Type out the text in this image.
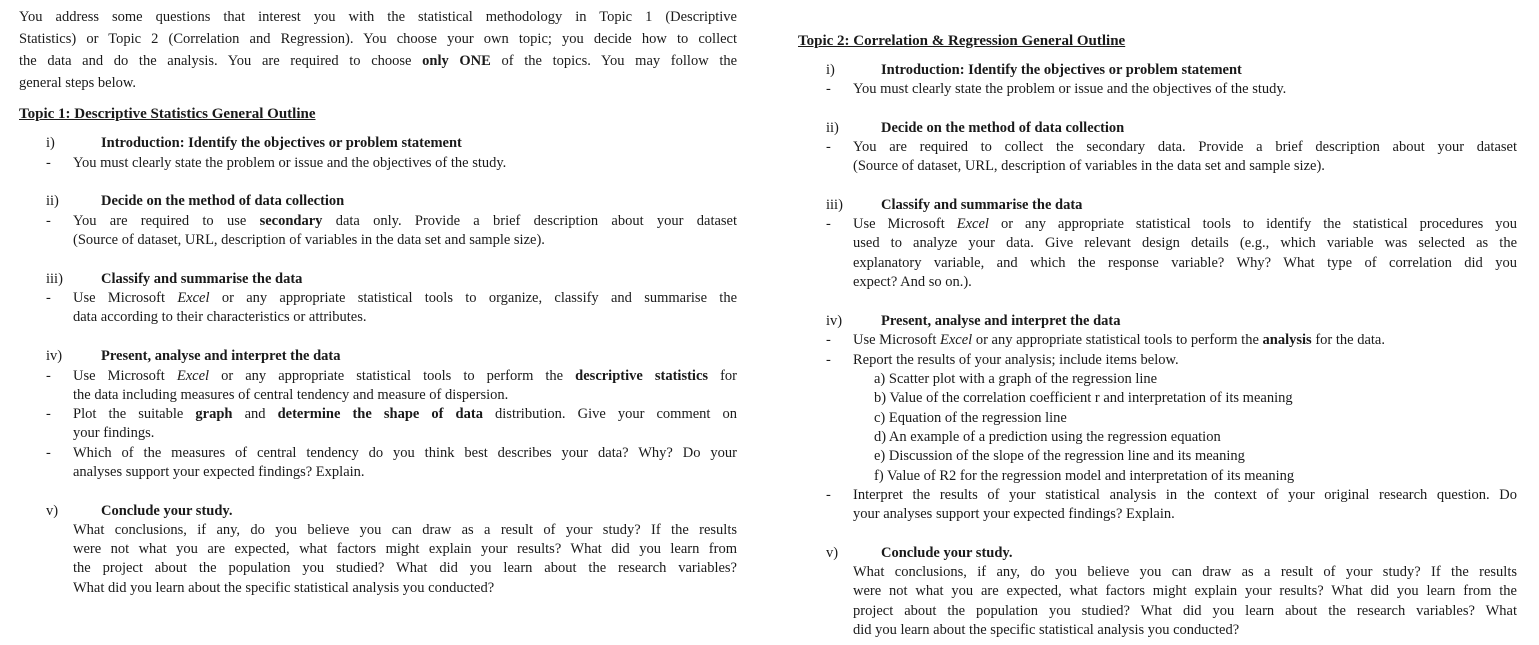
You address some questions that interest you with the statistical methodology in Topic 1 (Descriptive

Statistics) or Topic 2 (Correlation and Regression). You choose your own topic; you decide how to collect

the data and do the analysis. You are required to choose only ONE of the topics. You may follow the

general steps below.

Topic 1: Descriptive Statistics General Outline

i)	Introduction: Identify the objectives or problem statement
- You must clearly state the problem or issue and the objectives of the study.

ii)	Decide on the method of data collection
- You are required to use secondary data only. Provide a brief description about your dataset

(Source of dataset, URL, description of variables in the data set and sample size).

iii)	Classify and summarise the data
- Use Microsoft Excel or any appropriate statistical tools to organize, classify and summarise the

data according to their characteristics or attributes.

iv)	Present, analyse and interpret the data
- Use Microsoft Excel or any appropriate statistical tools to perform the descriptive statistics for

the data including measures of central tendency and measure of dispersion.

- Plot the suitable graph and determine the shape of data distribution. Give your comment on

your findings.

- Which of the measures of central tendency do you think best describes your data? Why? Do your

analyses support your expected findings? Explain.

v)	Conclude your study.

What conclusions, if any, do you believe you can draw as a result of your study? If the results

were not what you are expected, what factors might explain your results? What did you learn from

the project about the population you studied? What did you learn about the research variables?

What did you learn about the specific statistical analysis you conducted?

Topic 2: Correlation & Regression General Outline

i)	Introduction: Identify the objectives or problem statement
- You must clearly state the problem or issue and the objectives of the study.

ii)	Decide on the method of data collection
- You are required to collect the secondary data. Provide a brief description about your dataset

(Source of dataset, URL, description of variables in the data set and sample size).

iii)	Classify and summarise the data
- Use Microsoft Excel or any appropriate statistical tools to identify the statistical procedures you

used to analyze your data. Give relevant design details (e.g., which variable was selected as the

explanatory variable, and which the response variable? Why? What type of correlation did you

expect? And so on.).

iv)	Present, analyse and interpret the data
- Use Microsoft Excel or any appropriate statistical tools to perform the analysis for the data.

- Report the results of your analysis; include items below.

a) Scatter plot with a graph of the regression line

b) Value of the correlation coefficient r and interpretation of its meaning

c) Equation of the regression line

d) An example of a prediction using the regression equation

e) Discussion of the slope of the regression line and its meaning

f) Value of R2 for the regression model and interpretation of its meaning

- Interpret the results of your statistical analysis in the context of your original research question. Do

your analyses support your expected findings? Explain.

v)	Conclude your study.

What conclusions, if any, do you believe you can draw as a result of your study? If the results

were not what you are expected, what factors might explain your results? What did you learn from the

project about the population you studied? What did you learn about the research variables? What

did you learn about the specific statistical analysis you conducted?
